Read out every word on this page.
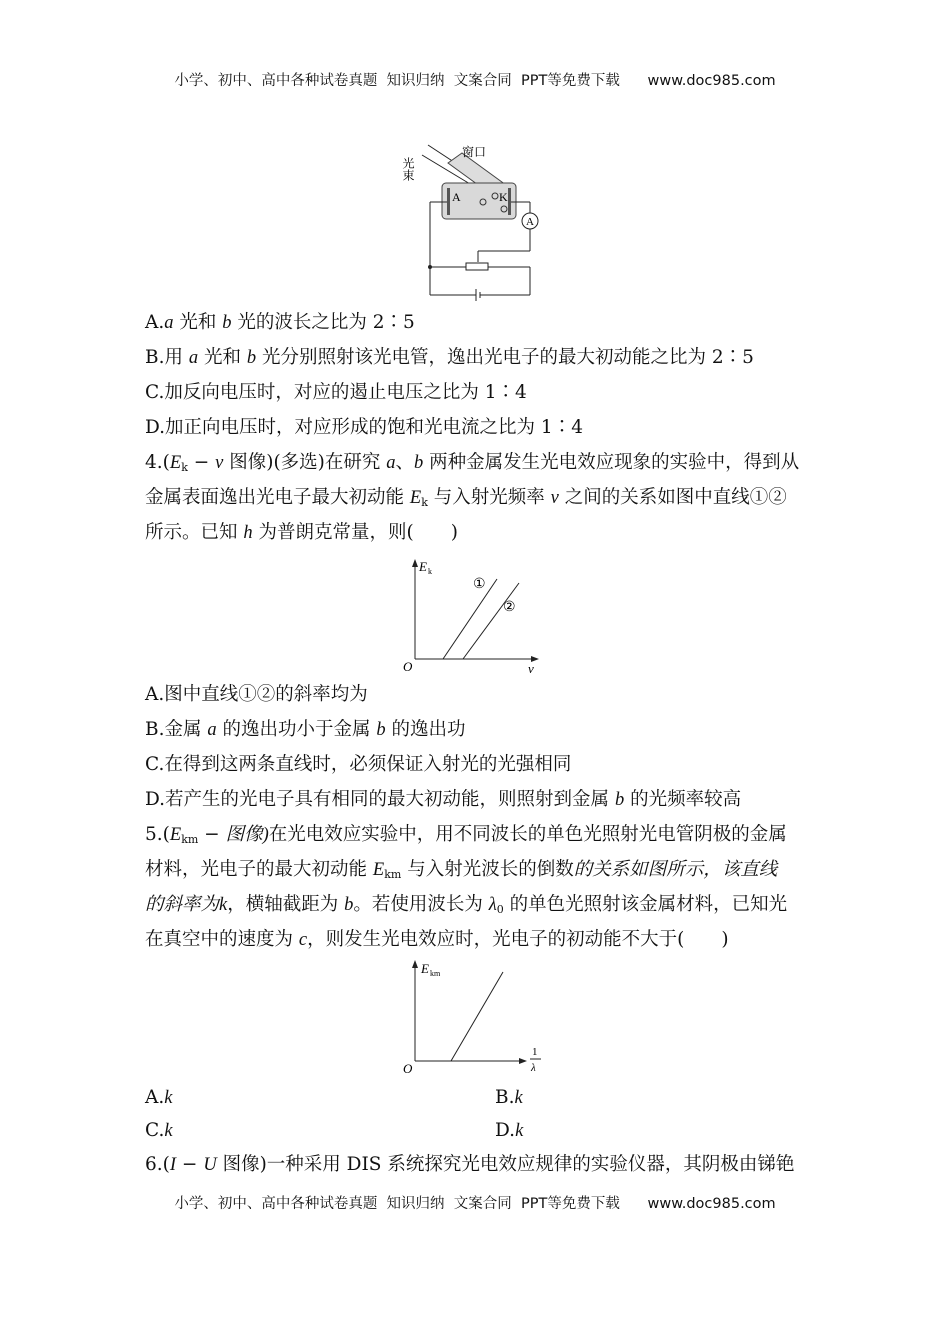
小学、初中、高中各种试卷真题  知识归纳  文案合同  PPT等免费下载      www.doc985.com
A	K
A
光束
窗口
A.a 光和 b 光的波长之比为 2∶5
B.用 a 光和 b 光分别照射该光电管，逸出光电子的最大初动能之比为 2∶5
C.加反向电压时，对应的遏止电压之比为 1∶4
D.加正向电压时，对应形成的饱和光电流之比为 1∶4
$4.(E_k - v$ 图像)(多选)在研究 a、b 两种金属发生光电效应现象的实验中，得到从
金属表面逸出光电子最大初动能 $E_k$ 与入射光频率 v 之间的关系如图中直线①②
所示。已知 h 为普朗克常量，则(　　)
E k
O	v
①
②
A.图中直线①②的斜率均为
B.金属 a 的逸出功小于金属 b 的逸出功
C.在得到这两条直线时，必须保证入射光的光强相同
D.若产生的光电子具有相同的最大初动能，则照射到金属 b 的光频率较高
$5.(E_{km}$ − 图像)在光电效应实验中，用不同波长的单色光照射光电管阴极的金属
材料，光电子的最大初动能 $E_{km}$ 与入射光波长的倒数的关系如图所示，该直线
的斜率为k，横轴截距为 b。若使用波长为 $\lambda_0$ 的单色光照射该金属材料，已知光
在真空中的速度为 c，则发生光电效应时，光电子的初动能不大于(　　)
E km
O
1
λ
A.k	B.k
C.k	D.k
6.(I − U 图像)一种采用 DIS 系统探究光电效应规律的实验仪器，其阴极由锑铯
小学、初中、高中各种试卷真题  知识归纳  文案合同  PPT等免费下载      www.doc985.com
